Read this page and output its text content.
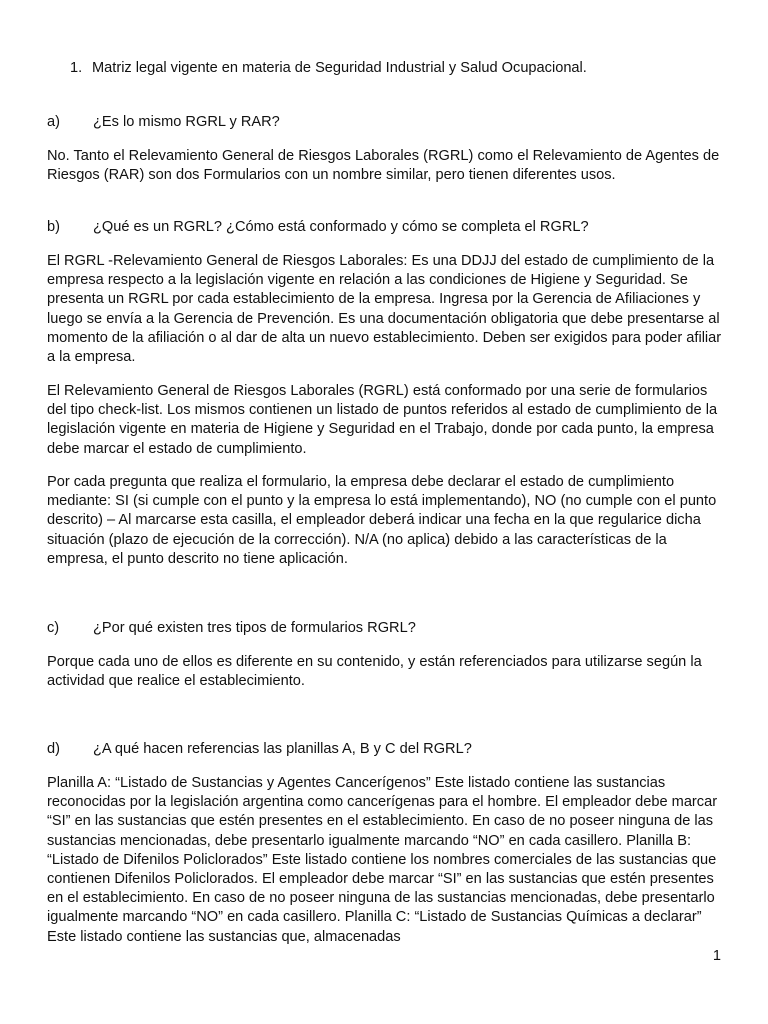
1. Matriz legal vigente en materia de Seguridad Industrial y Salud Ocupacional.
a) ¿Es lo mismo RGRL y RAR?

No. Tanto el Relevamiento General de Riesgos Laborales (RGRL) como el Relevamiento de Agentes de Riesgos (RAR) son dos Formularios con un nombre similar, pero tienen diferentes usos.

b) ¿Qué es un RGRL? ¿Cómo está conformado y cómo se completa el RGRL?

El RGRL -Relevamiento General de Riesgos Laborales: Es una DDJJ del estado de cumplimiento de la empresa respecto a la legislación vigente en relación a las condiciones de Higiene y Seguridad. Se presenta un RGRL por cada establecimiento de la empresa. Ingresa por la Gerencia de Afiliaciones y luego se envía a la Gerencia de Prevención. Es una documentación obligatoria que debe presentarse al momento de la afiliación o al dar de alta un nuevo establecimiento. Deben ser exigidos para poder afiliar a la empresa.

El Relevamiento General de Riesgos Laborales (RGRL) está conformado por una serie de formularios del tipo check-list. Los mismos contienen un listado de puntos referidos al estado de cumplimiento de la legislación vigente en materia de Higiene y Seguridad en el Trabajo, donde por cada punto, la empresa debe marcar el estado de cumplimiento.

Por cada pregunta que realiza el formulario, la empresa debe declarar el estado de cumplimiento mediante: SI (si cumple con el punto y la empresa lo está implementando), NO (no cumple con el punto descrito) – Al marcarse esta casilla, el empleador deberá indicar una fecha en la que regularice dicha situación (plazo de ejecución de la corrección). N/A (no aplica) debido a las características de la empresa, el punto descrito no tiene aplicación.

c) ¿Por qué existen tres tipos de formularios RGRL?

Porque cada uno de ellos es diferente en su contenido, y están referenciados para utilizarse según la actividad que realice el establecimiento.

d) ¿A qué hacen referencias las planillas A, B y C del RGRL?

Planilla A: “Listado de Sustancias y Agentes Cancerígenos” Este listado contiene las sustancias reconocidas por la legislación argentina como cancerígenas para el hombre. El empleador debe marcar “SI” en las sustancias que estén presentes en el establecimiento. En caso de no poseer ninguna de las sustancias mencionadas, debe presentarlo igualmente marcando “NO” en cada casillero. Planilla B: “Listado de Difenilos Policlorados” Este listado contiene los nombres comerciales de las sustancias que contienen Difenilos Policlorados. El empleador debe marcar “SI” en las sustancias que estén presentes en el establecimiento. En caso de no poseer ninguna de las sustancias mencionadas, debe presentarlo igualmente marcando “NO” en cada casillero. Planilla C: “Listado de Sustancias Químicas a declarar” Este listado contiene las sustancias que, almacenadas

1
